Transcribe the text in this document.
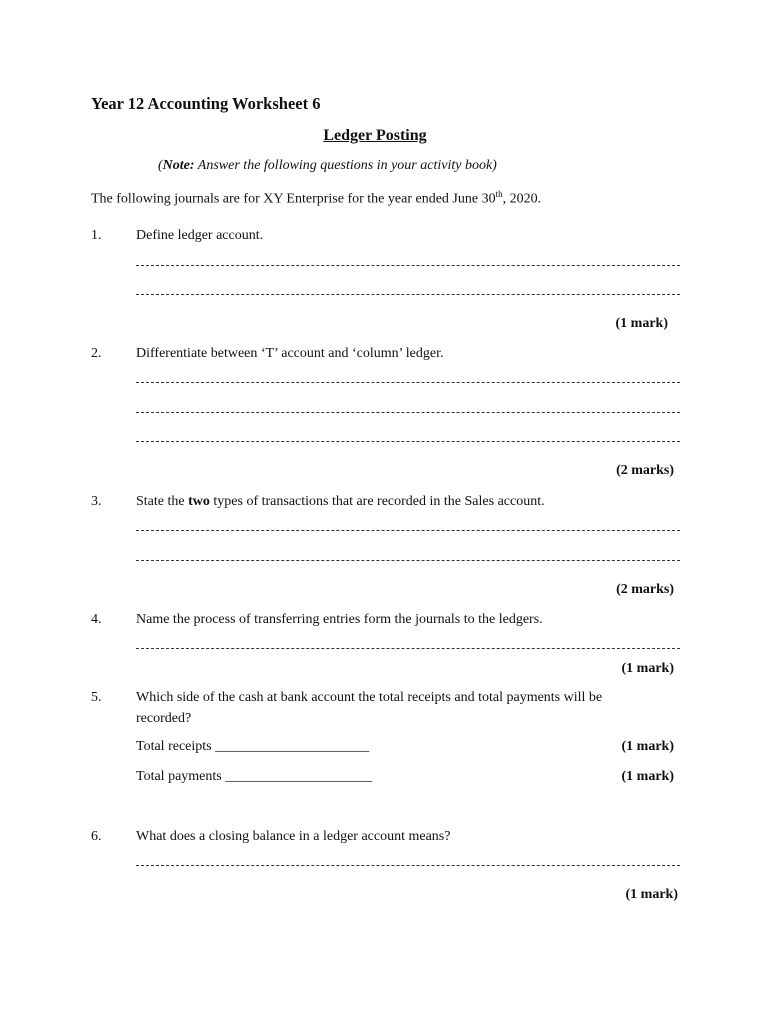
Year 12 Accounting Worksheet 6
Ledger Posting
(Note: Answer the following questions in your activity book)
The following journals are for XY Enterprise for the year ended June 30th, 2020.
1. Define ledger account.
(1 mark)
2. Differentiate between ‘T’ account and ‘column’ ledger.
(2 marks)
3. State the two types of transactions that are recorded in the Sales account.
(2 marks)
4. Name the process of transferring entries form the journals to the ledgers.
(1 mark)
5. Which side of the cash at bank account the total receipts and total payments will be
recorded?
Total receipts ______________________	(1 mark)
Total payments _____________________	(1 mark)
6. What does a closing balance in a ledger account means?
(1 mark)
